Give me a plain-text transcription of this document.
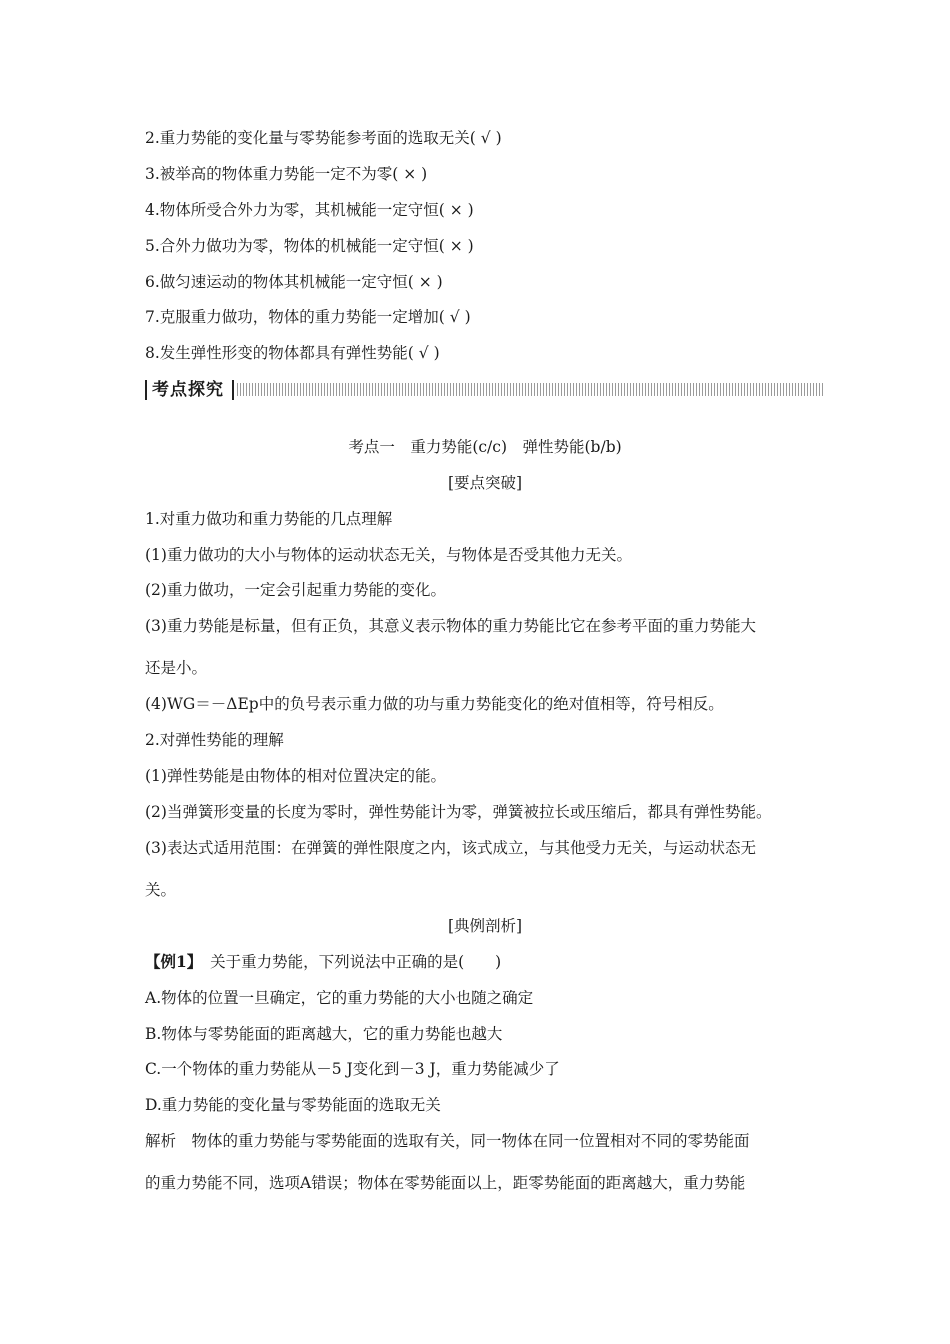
2.重力势能的变化量与零势能参考面的选取无关( √ )
3.被举高的物体重力势能一定不为零( × )
4.物体所受合外力为零，其机械能一定守恒( × )
5.合外力做功为零，物体的机械能一定守恒( × )
6.做匀速运动的物体其机械能一定守恒( × )
7.克服重力做功，物体的重力势能一定增加( √ )
8.发生弹性形变的物体都具有弹性势能( √ )
考点探究
考点一　重力势能(c/c)　弹性势能(b/b)
[要点突破]
1.对重力做功和重力势能的几点理解
(1)重力做功的大小与物体的运动状态无关，与物体是否受其他力无关。
(2)重力做功，一定会引起重力势能的变化。
(3)重力势能是标量，但有正负，其意义表示物体的重力势能比它在参考平面的重力势能大
还是小。
(4)WG＝－ΔEp中的负号表示重力做的功与重力势能变化的绝对值相等，符号相反。
2.对弹性势能的理解
(1)弹性势能是由物体的相对位置决定的能。
(2)当弹簧形变量的长度为零时，弹性势能计为零，弹簧被拉长或压缩后，都具有弹性势能。
(3)表达式适用范围：在弹簧的弹性限度之内，该式成立，与其他受力无关，与运动状态无
关。
[典例剖析]
【例1】　 关于重力势能，下列说法中正确的是(　　)
A.物体的位置一旦确定，它的重力势能的大小也随之确定
B.物体与零势能面的距离越大，它的重力势能也越大
C.一个物体的重力势能从－5 J变化到－3 J，重力势能减少了
D.重力势能的变化量与零势能面的选取无关
解析　物体的重力势能与零势能面的选取有关，同一物体在同一位置相对不同的零势能面
的重力势能不同，选项A错误；物体在零势能面以上，距零势能面的距离越大，重力势能
